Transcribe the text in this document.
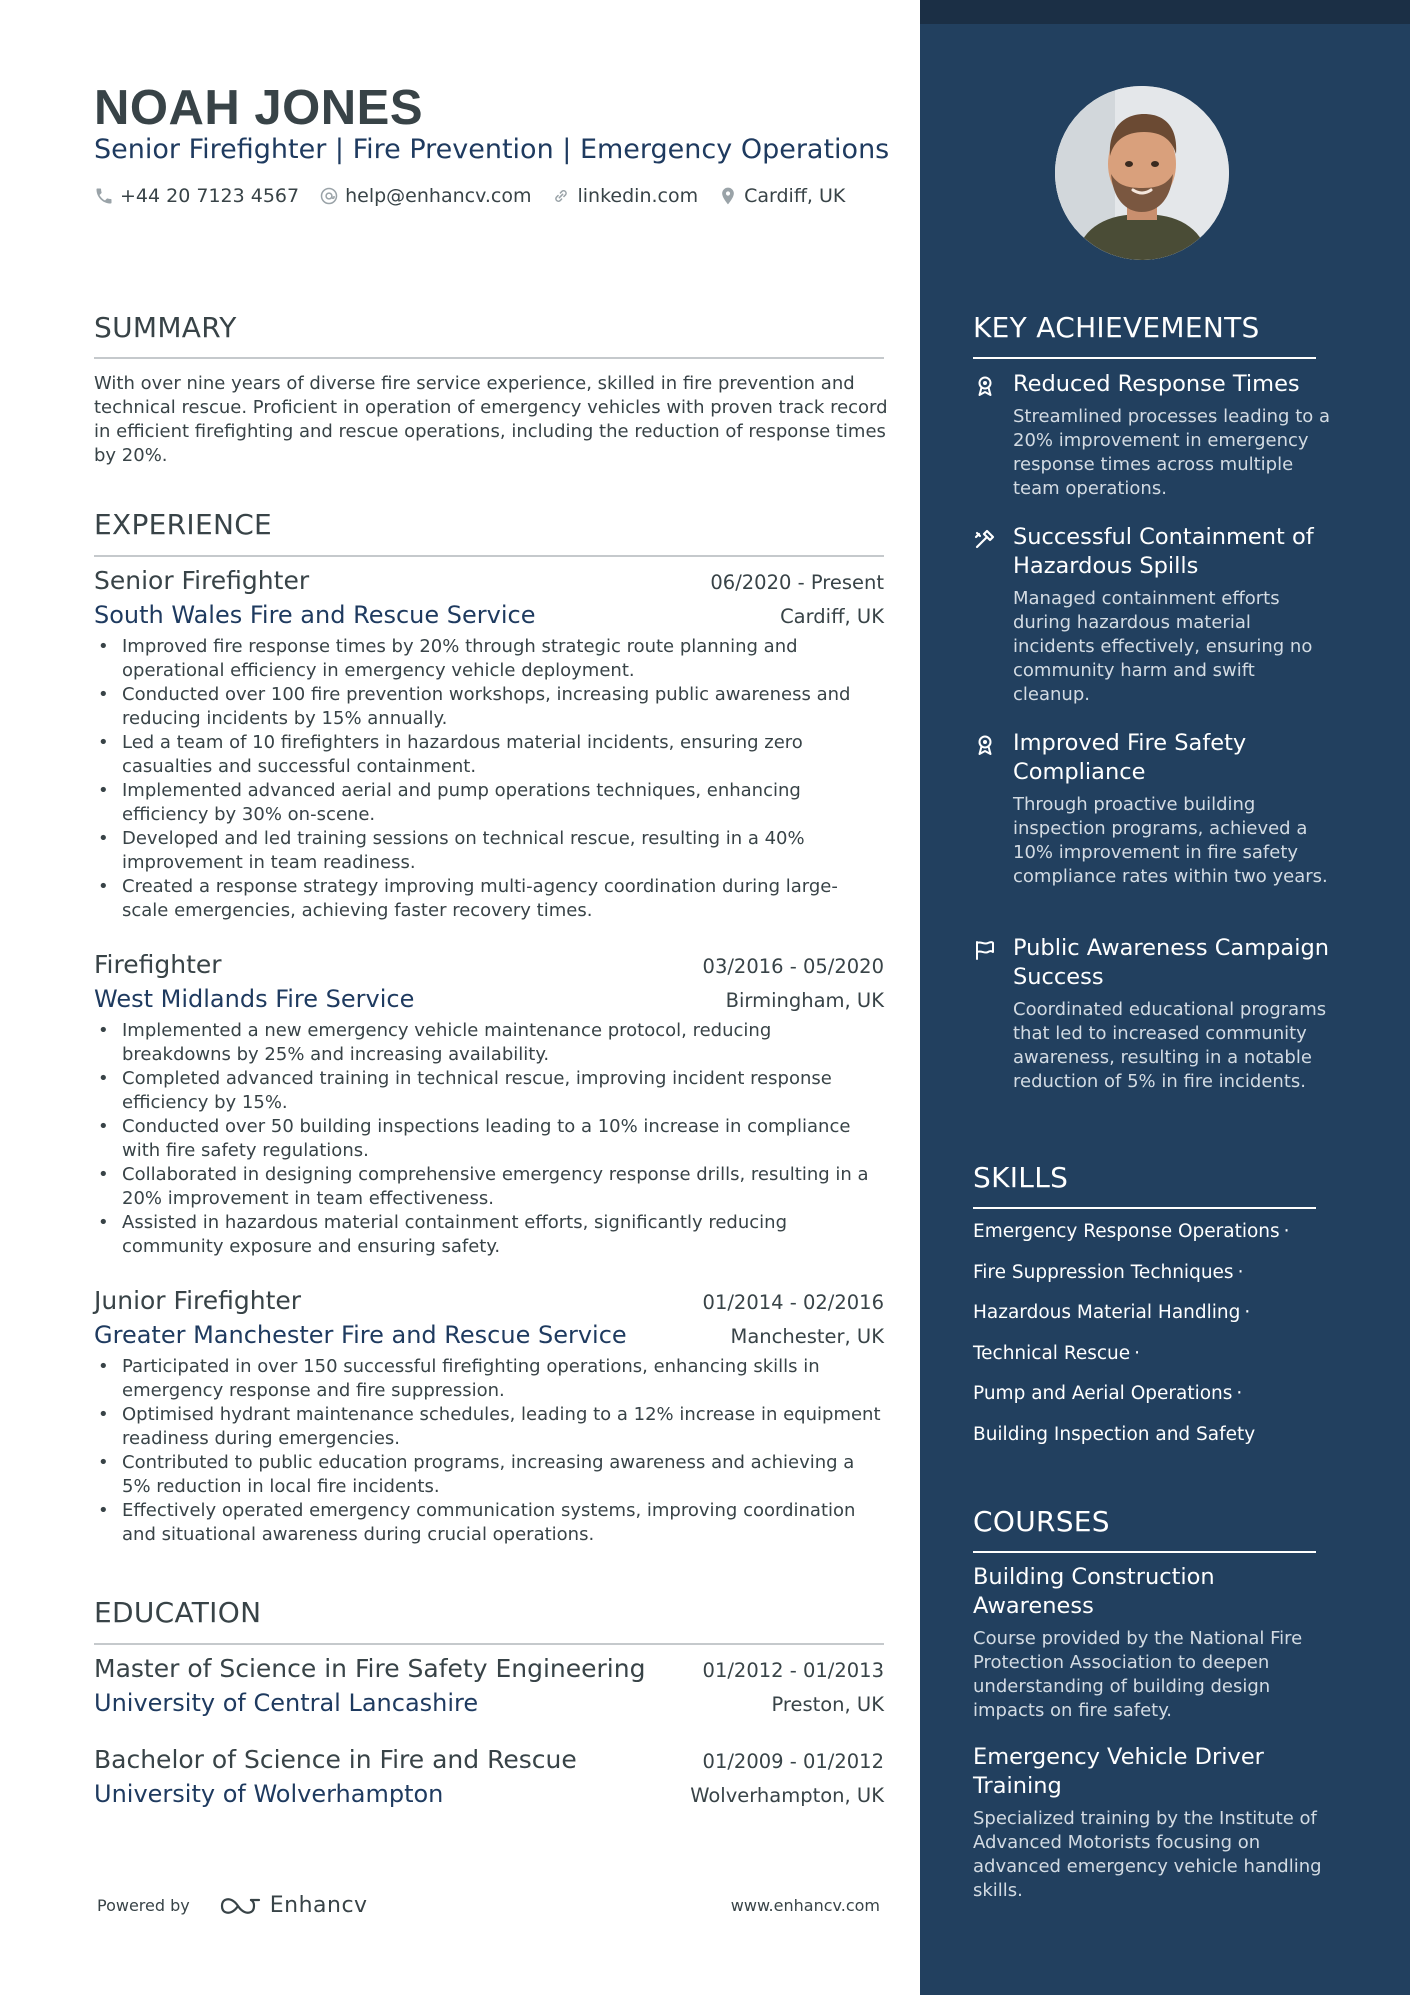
NOAH JONES
Senior Firefighter | Fire Prevention | Emergency Operations
+44 20 7123 4567 help@enhancv.com linkedin.com Cardiff, UK
SUMMARY
With over nine years of diverse fire service experience, skilled in fire prevention and technical rescue. Proficient in operation of emergency vehicles with proven track record in efficient firefighting and rescue operations, including the reduction of response times by 20%.
EXPERIENCE
Senior Firefighter	06/2020 - Present
South Wales Fire and Rescue Service	Cardiff, UK
• Improved fire response times by 20% through strategic route planning and operational efficiency in emergency vehicle deployment.
• Conducted over 100 fire prevention workshops, increasing public awareness and reducing incidents by 15% annually.
• Led a team of 10 firefighters in hazardous material incidents, ensuring zero casualties and successful containment.
• Implemented advanced aerial and pump operations techniques, enhancing efficiency by 30% on-scene.
• Developed and led training sessions on technical rescue, resulting in a 40% improvement in team readiness.
• Created a response strategy improving multi-agency coordination during large-scale emergencies, achieving faster recovery times.
Firefighter	03/2016 - 05/2020
West Midlands Fire Service	Birmingham, UK
• Implemented a new emergency vehicle maintenance protocol, reducing breakdowns by 25% and increasing availability.
• Completed advanced training in technical rescue, improving incident response efficiency by 15%.
• Conducted over 50 building inspections leading to a 10% increase in compliance with fire safety regulations.
• Collaborated in designing comprehensive emergency response drills, resulting in a 20% improvement in team effectiveness.
• Assisted in hazardous material containment efforts, significantly reducing community exposure and ensuring safety.
Junior Firefighter	01/2014 - 02/2016
Greater Manchester Fire and Rescue Service	Manchester, UK
• Participated in over 150 successful firefighting operations, enhancing skills in emergency response and fire suppression.
• Optimised hydrant maintenance schedules, leading to a 12% increase in equipment readiness during emergencies.
• Contributed to public education programs, increasing awareness and achieving a 5% reduction in local fire incidents.
• Effectively operated emergency communication systems, improving coordination and situational awareness during crucial operations.
EDUCATION
Master of Science in Fire Safety Engineering	01/2012 - 01/2013
University of Central Lancashire	Preston, UK
Bachelor of Science in Fire and Rescue	01/2009 - 01/2012
University of Wolverhampton	Wolverhampton, UK
Powered by	Enhancv	www.enhancv.com
KEY ACHIEVEMENTS
Reduced Response Times
Streamlined processes leading to a 20% improvement in emergency response times across multiple team operations.
Successful Containment of Hazardous Spills
Managed containment efforts during hazardous material incidents effectively, ensuring no community harm and swift cleanup.
Improved Fire Safety Compliance
Through proactive building inspection programs, achieved a 10% improvement in fire safety compliance rates within two years.
Public Awareness Campaign Success
Coordinated educational programs that led to increased community awareness, resulting in a notable reduction of 5% in fire incidents.
SKILLS
Emergency Response Operations ·
Fire Suppression Techniques ·
Hazardous Material Handling ·
Technical Rescue ·
Pump and Aerial Operations ·
Building Inspection and Safety
COURSES
Building Construction Awareness
Course provided by the National Fire Protection Association to deepen understanding of building design impacts on fire safety.
Emergency Vehicle Driver Training
Specialized training by the Institute of Advanced Motorists focusing on advanced emergency vehicle handling skills.
